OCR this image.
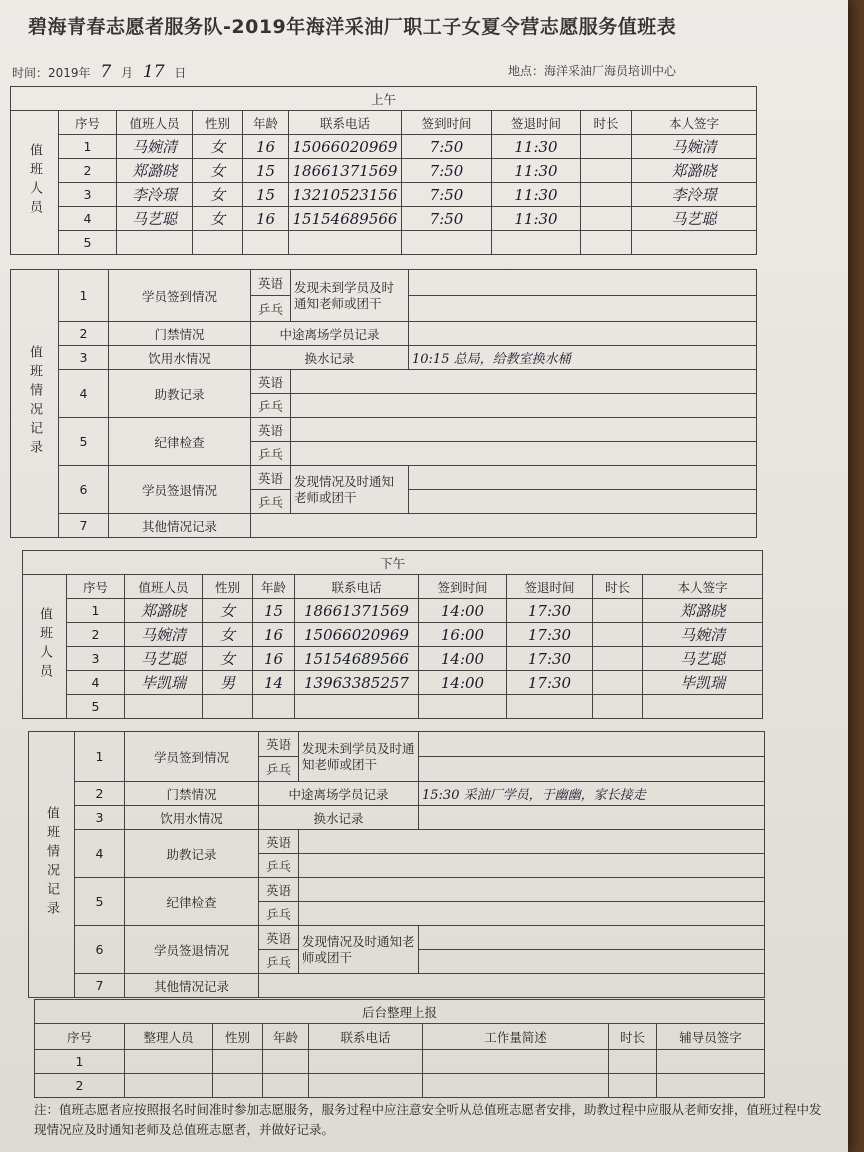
碧海青春志愿者服务队-2019年海洋采油厂职工子女夏令营志愿服务值班表
时间：2019年 7 月 17 日	地点：海洋采油厂海员培训中心
上午									
值班人员	序号	值班人员	性别	年龄	联系电话	签到时间	签退时间	时长	本人签字
	1	马婉清	女	16	15066020969	7:50	11:30		马婉清
	2	郑潞晓	女	15	18661371569	7:50	11:30		郑潞晓
	3	李泠璟	女	15	13210523156	7:50	11:30		李泠璟
	4	马艺聪	女	16	15154689566	7:50	11:30		马艺聪
	5								
值班情况记录	1	学员签到情况	英语	发现未到学员及时通知老师或团干	
			乒乓		
	2	门禁情况	中途离场学员记录		
	3	饮用水情况	换水记录		10:15 总局，给教室换水桶
	4	助教记录	英语		
			乒乓		
	5	纪律检查	英语		
			乒乓		
	6	学员签退情况	英语	发现情况及时通知老师或团干	
			乒乓		
	7	其他情况记录			
下午									
值班人员	序号	值班人员	性别	年龄	联系电话	签到时间	签退时间	时长	本人签字
	1	郑潞晓	女	15	18661371569	14:00	17:30		郑潞晓
	2	马婉清	女	16	15066020969	16:00	17:30		马婉清
	3	马艺聪	女	16	15154689566	14:00	17:30		马艺聪
	4	毕凯瑞	男	14	13963385257	14:00	17:30		毕凯瑞
	5								
值班情况记录	1	学员签到情况	英语	发现未到学员及时通知老师或团干	
			乒乓		
	2	门禁情况	中途离场学员记录		15:30 采油厂学员，于幽幽，家长接走
	3	饮用水情况	换水记录		
	4	助教记录	英语		
			乒乓		
	5	纪律检查	英语		
			乒乓		
	6	学员签退情况	英语	发现情况及时通知老师或团干	
			乒乓		
	7	其他情况记录			
后台整理上报							
序号	整理人员	性别	年龄	联系电话	工作量简述	时长	辅导员签字
1							
2							
注：值班志愿者应按照报名时间准时参加志愿服务，服务过程中应注意安全听从总值班志愿者安排，助教过程中应服从老师安排，值班过程中发现情况应及时通知老师及总值班志愿者，并做好记录。
